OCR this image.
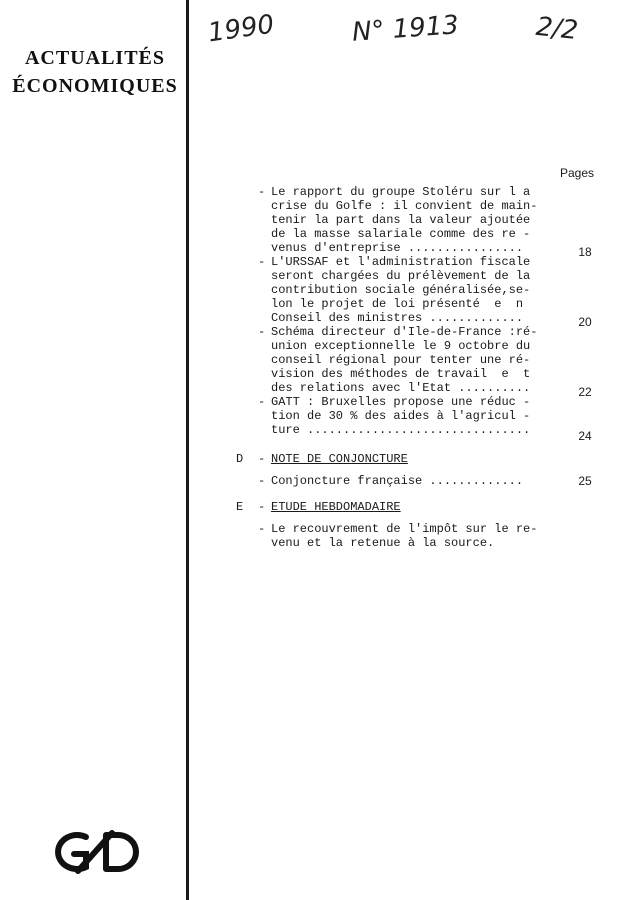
ACTUALITÉS
ÉCONOMIQUES
1990	N° 1913	2/2
Pages
- Le rapport du groupe Stoléru sur l a
crise du Golfe : il convient de main-
tenir la part dans la valeur ajoutée
de la masse salariale comme des re -
venus d'entreprise ................	18
- L'URSSAF et l'administration fiscale
seront chargées du prélèvement de la
contribution sociale généralisée,se-
lon le projet de loi présenté  e  n
Conseil des ministres .............	20
- Schéma directeur d'Ile-de-France :ré-
union exceptionnelle le 9 octobre du
conseil régional pour tenter une ré-
vision des méthodes de travail  e  t
des relations avec l'Etat ..........	22
- GATT : Bruxelles propose une réduc -
tion de 30 % des aides à l'agricul -
ture ...............................	24
D - NOTE DE CONJONCTURE
- Conjoncture française .............	25
E - ETUDE HEBDOMADAIRE
- Le recouvrement de l'impôt sur le re-
venu et la retenue à la source.
